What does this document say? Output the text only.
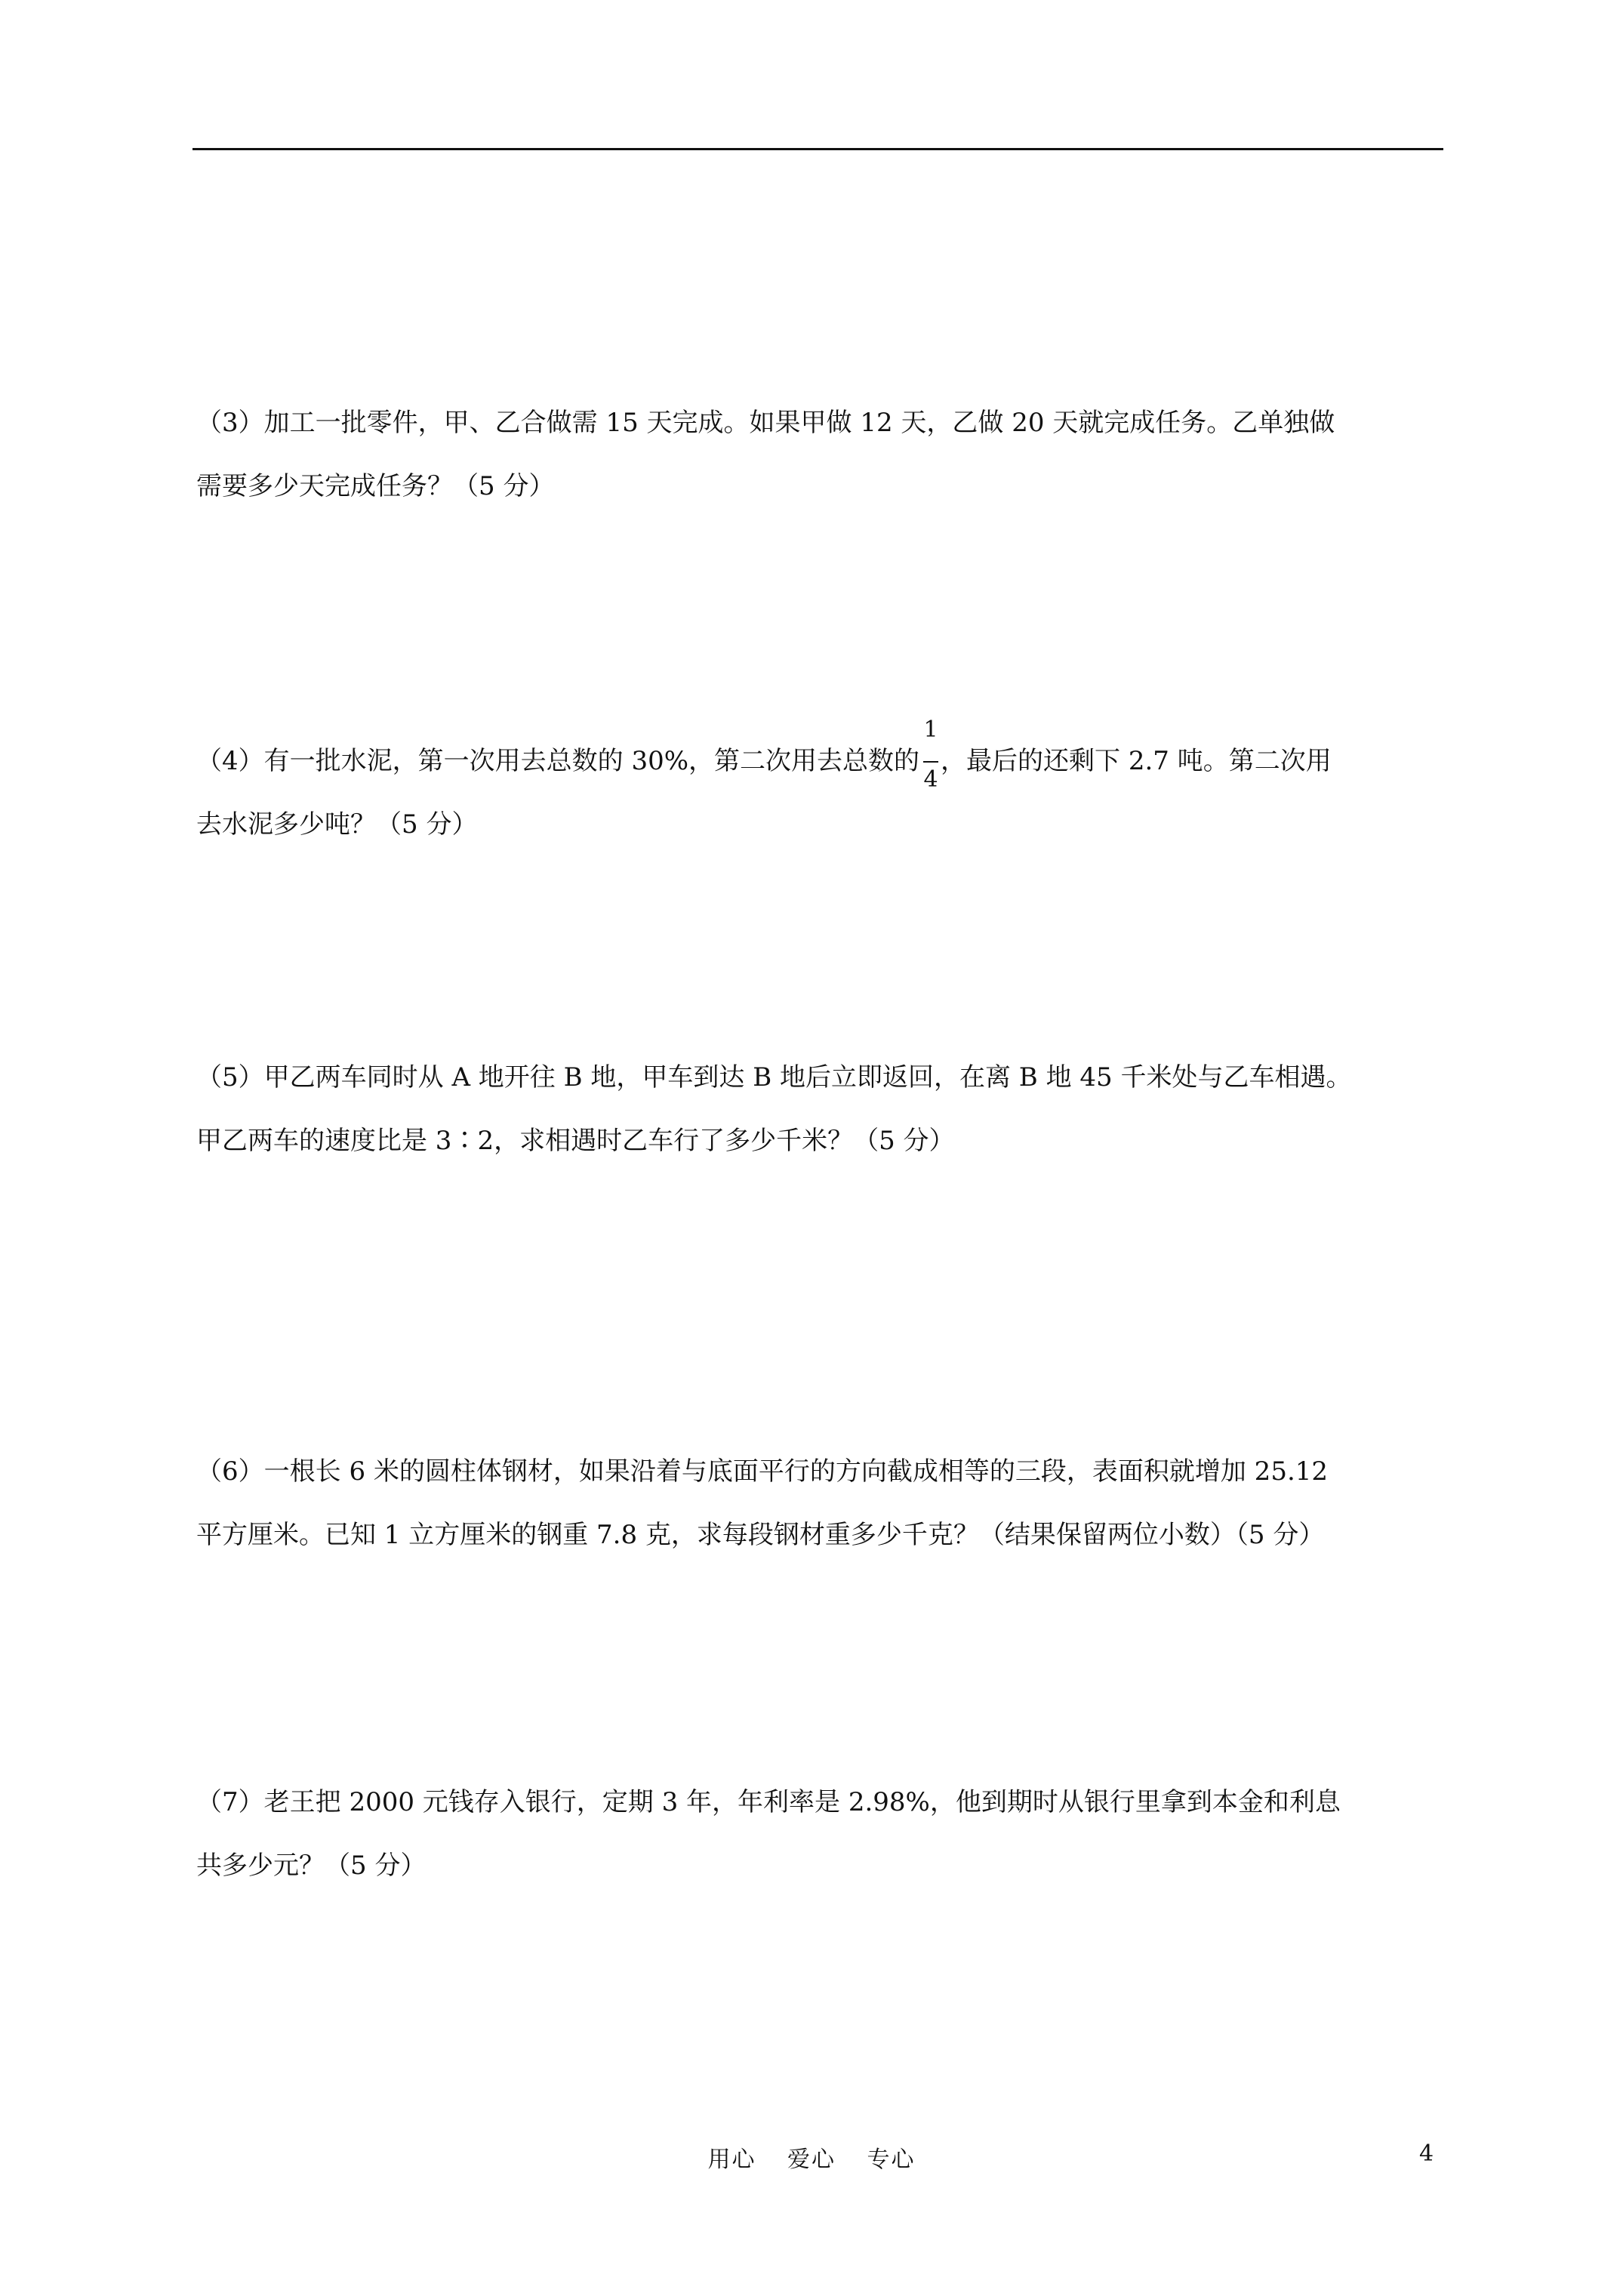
（3）加工一批零件，甲、乙合做需 15 天完成。如果甲做 12 天，乙做 20 天就完成任务。乙单独做
需要多少天完成任务？（5 分）
（4）有一批水泥，第一次用去总数的 30%，第二次用去总数的 $\frac{1}{4}$ ，最后的还剩下 2.7 吨。第二次用
去水泥多少吨？（5 分）
（5）甲乙两车同时从 A 地开往 B 地，甲车到达 B 地后立即返回，在离 B 地 45 千米处与乙车相遇。
甲乙两车的速度比是 3∶2，求相遇时乙车行了多少千米？（5 分）
（6）一根长 6 米的圆柱体钢材，如果沿着与底面平行的方向截成相等的三段，表面积就增加 25.12
平方厘米。已知 1 立方厘米的钢重 7.8 克，求每段钢材重多少千克？（结果保留两位小数）（5 分）
（7）老王把 2000 元钱存入银行，定期 3 年，年利率是 2.98%，他到期时从银行里拿到本金和利息
共多少元？（5 分）
用心 爱心 专心	4
